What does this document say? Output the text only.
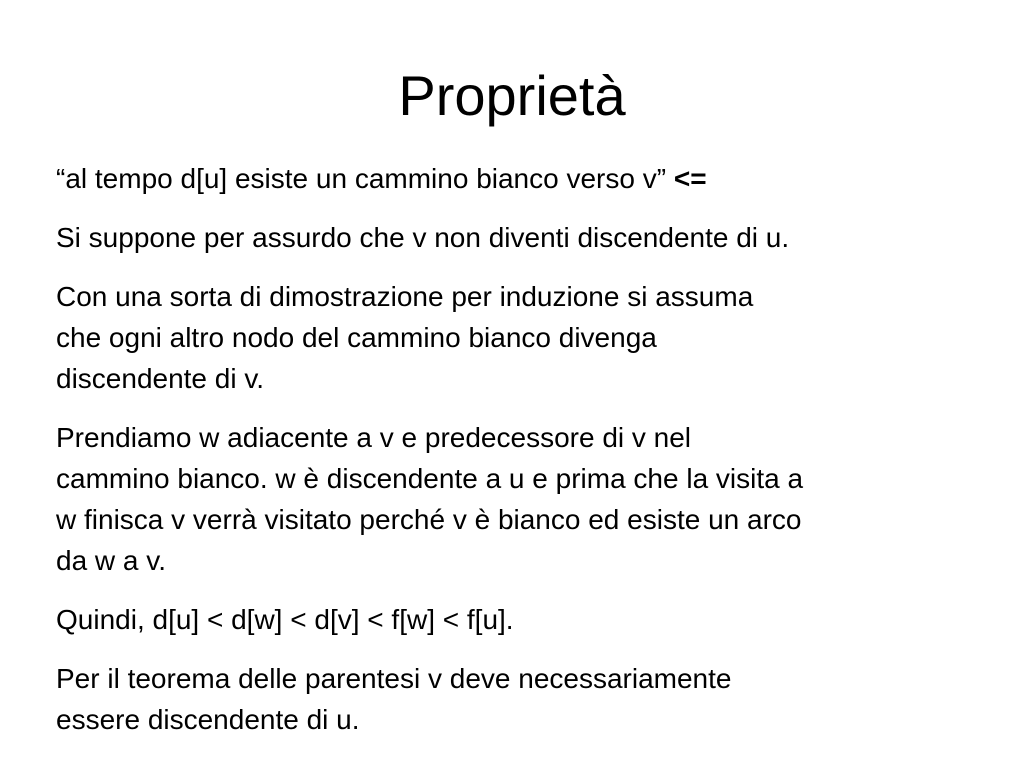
Proprietà

“al tempo d[u] esiste un cammino bianco verso v” <=

Si suppone per assurdo che v non diventi discendente di u.

Con una sorta di dimostrazione per induzione si assuma
che ogni altro nodo del cammino bianco divenga
discendente di v.

Prendiamo w adiacente a v e predecessore di v nel
cammino bianco. w è discendente a u e prima che la visita a
w finisca v verrà visitato perché v è bianco ed esiste un arco
da w a v.

Quindi, d[u] < d[w] < d[v] < f[w] < f[u].

Per il teorema delle parentesi v deve necessariamente
essere discendente di u.
